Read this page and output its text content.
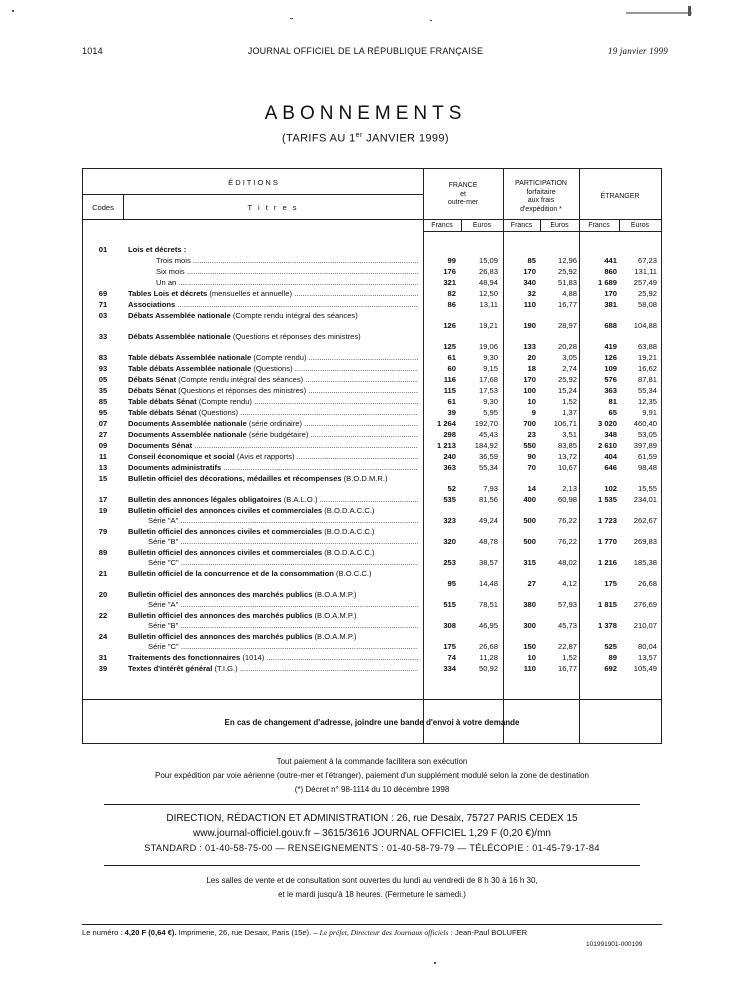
1014	JOURNAL OFFICIEL DE LA RÉPUBLIQUE FRANÇAISE	19 janvier 1999
ABONNEMENTS
(TARIFS AU 1er JANVIER 1999)
É D I T I O N S
Codes	T i t r e s
FRANCE
et
outre-mer
PARTICIPATION
forfaitaire
aux frais
d'expédition *
ÉTRANGER
Francs	Euros	Francs	Euros	Francs	Euros
01	Lois et décrets :
Trois mois .....	99	15,09	85	12,96	441	67,23
Six mois .....	176	26,83	170	25,92	860	131,11
Un an .....	321	48,94	340	51,83	1 689	257,49
69	Tables Lois et décrets (mensuelles et annuelle) .....	82	12,50	32	4,88	170	25,92
71	Associations .....	86	13,11	110	16,77	381	58,08
03	Débats Assemblée nationale (Compte rendu intégral des séances)
126	19,21	190	28,97	688	104,88
33	Débats Assemblée nationale (Questions et réponses des ministres)
125	19,06	133	20,28	419	63,88
83	Table débats Assemblée nationale (Compte rendu) .....	61	9,30	20	3,05	126	19,21
93	Table débats Assemblée nationale (Questions) .....	60	9,15	18	2,74	109	16,62
05	Débats Sénat (Compte rendu intégral des séances) .....	116	17,68	170	25,92	576	87,81
35	Débats Sénat (Questions et réponses des ministres) .....	115	17,53	100	15,24	363	55,34
85	Table débats Sénat (Compte rendu) .....	61	9,30	10	1,52	81	12,35
95	Table débats Sénat (Questions) .....	39	5,95	9	1,37	65	9,91
07	Documents Assemblée nationale (série ordinaire) .....	1 264	192,70	700	106,71	3 020	460,40
27	Documents Assemblée nationale (série budgétaire) .....	298	45,43	23	3,51	348	53,05
09	Documents Sénat .....	1 213	184,92	550	83,85	2 610	397,89
11	Conseil économique et social (Avis et rapports) .....	240	36,59	90	13,72	404	61,59
13	Documents administratifs .....	363	55,34	70	10,67	646	98,48
15	Bulletin officiel des décorations, médailles et récompenses (B.O.D.M.R.)
52	7,93	14	2,13	102	15,55
17	Bulletin des annonces légales obligatoires (B.A.L.O.) .....	535	81,56	400	60,98	1 535	234,01
19	Bulletin officiel des annonces civiles et commerciales (B.O.D.A.C.C.)
Série "A" .....	323	49,24	500	76,22	1 723	262,67
79	Bulletin officiel des annonces civiles et commerciales (B.O.D.A.C.C.)
Série "B" .....	320	48,78	500	76,22	1 770	269,83
89	Bulletin officiel des annonces civiles et commerciales (B.O.D.A.C.C.)
Série "C" .....	253	38,57	315	48,02	1 216	185,38
21	Bulletin officiel de la concurrence et de la consommation (B.O.C.C.)
95	14,48	27	4,12	175	26,68
20	Bulletin officiel des annonces des marchés publics (B.O.A.M.P.)
Série "A" .....	515	78,51	380	57,93	1 815	276,69
22	Bulletin officiel des annonces des marchés publics (B.O.A.M.P.)
Série "B" .....	308	46,95	300	45,73	1 378	210,07
24	Bulletin officiel des annonces des marchés publics (B.O.A.M.P.)
Série "C" .....	175	26,68	150	22,87	525	80,04
31	Traitements des fonctionnaires (1014) .....	74	11,28	10	1,52	89	13,57
39	Textes d'intérêt général (T.I.G.) .....	334	50,92	110	16,77	692	105,49
En cas de changement d'adresse, joindre une bande d'envoi à votre demande
Tout paiement à la commande facilitera son exécution
Pour expédition par voie aérienne (outre-mer et l'étranger), paiement d'un supplément modulé selon la zone de destination
(*) Décret n° 98-1114 du 10 décembre 1998
DIRECTION, RÉDACTION ET ADMINISTRATION : 26, rue Desaix, 75727 PARIS CEDEX 15
www.journal-officiel.gouv.fr – 3615/3616 JOURNAL OFFICIEL 1,29 F (0,20 €)/mn
STANDARD : 01-40-58-75-00 — RENSEIGNEMENTS : 01-40-58-79-79 — TÉLÉCOPIE : 01-45-79-17-84
Les salles de vente et de consultation sont ouvertes du lundi au vendredi de 8 h 30 à 16 h 30,
et le mardi jusqu'à 18 heures. (Fermeture le samedi.)
Le numéro : 4,20 F (0,64 €). Imprimerie, 26, rue Desaix, Paris (15e). – Le préfet, Directeur des Journaux officiels : Jean-Paul BOLUFER
101991901-000199
